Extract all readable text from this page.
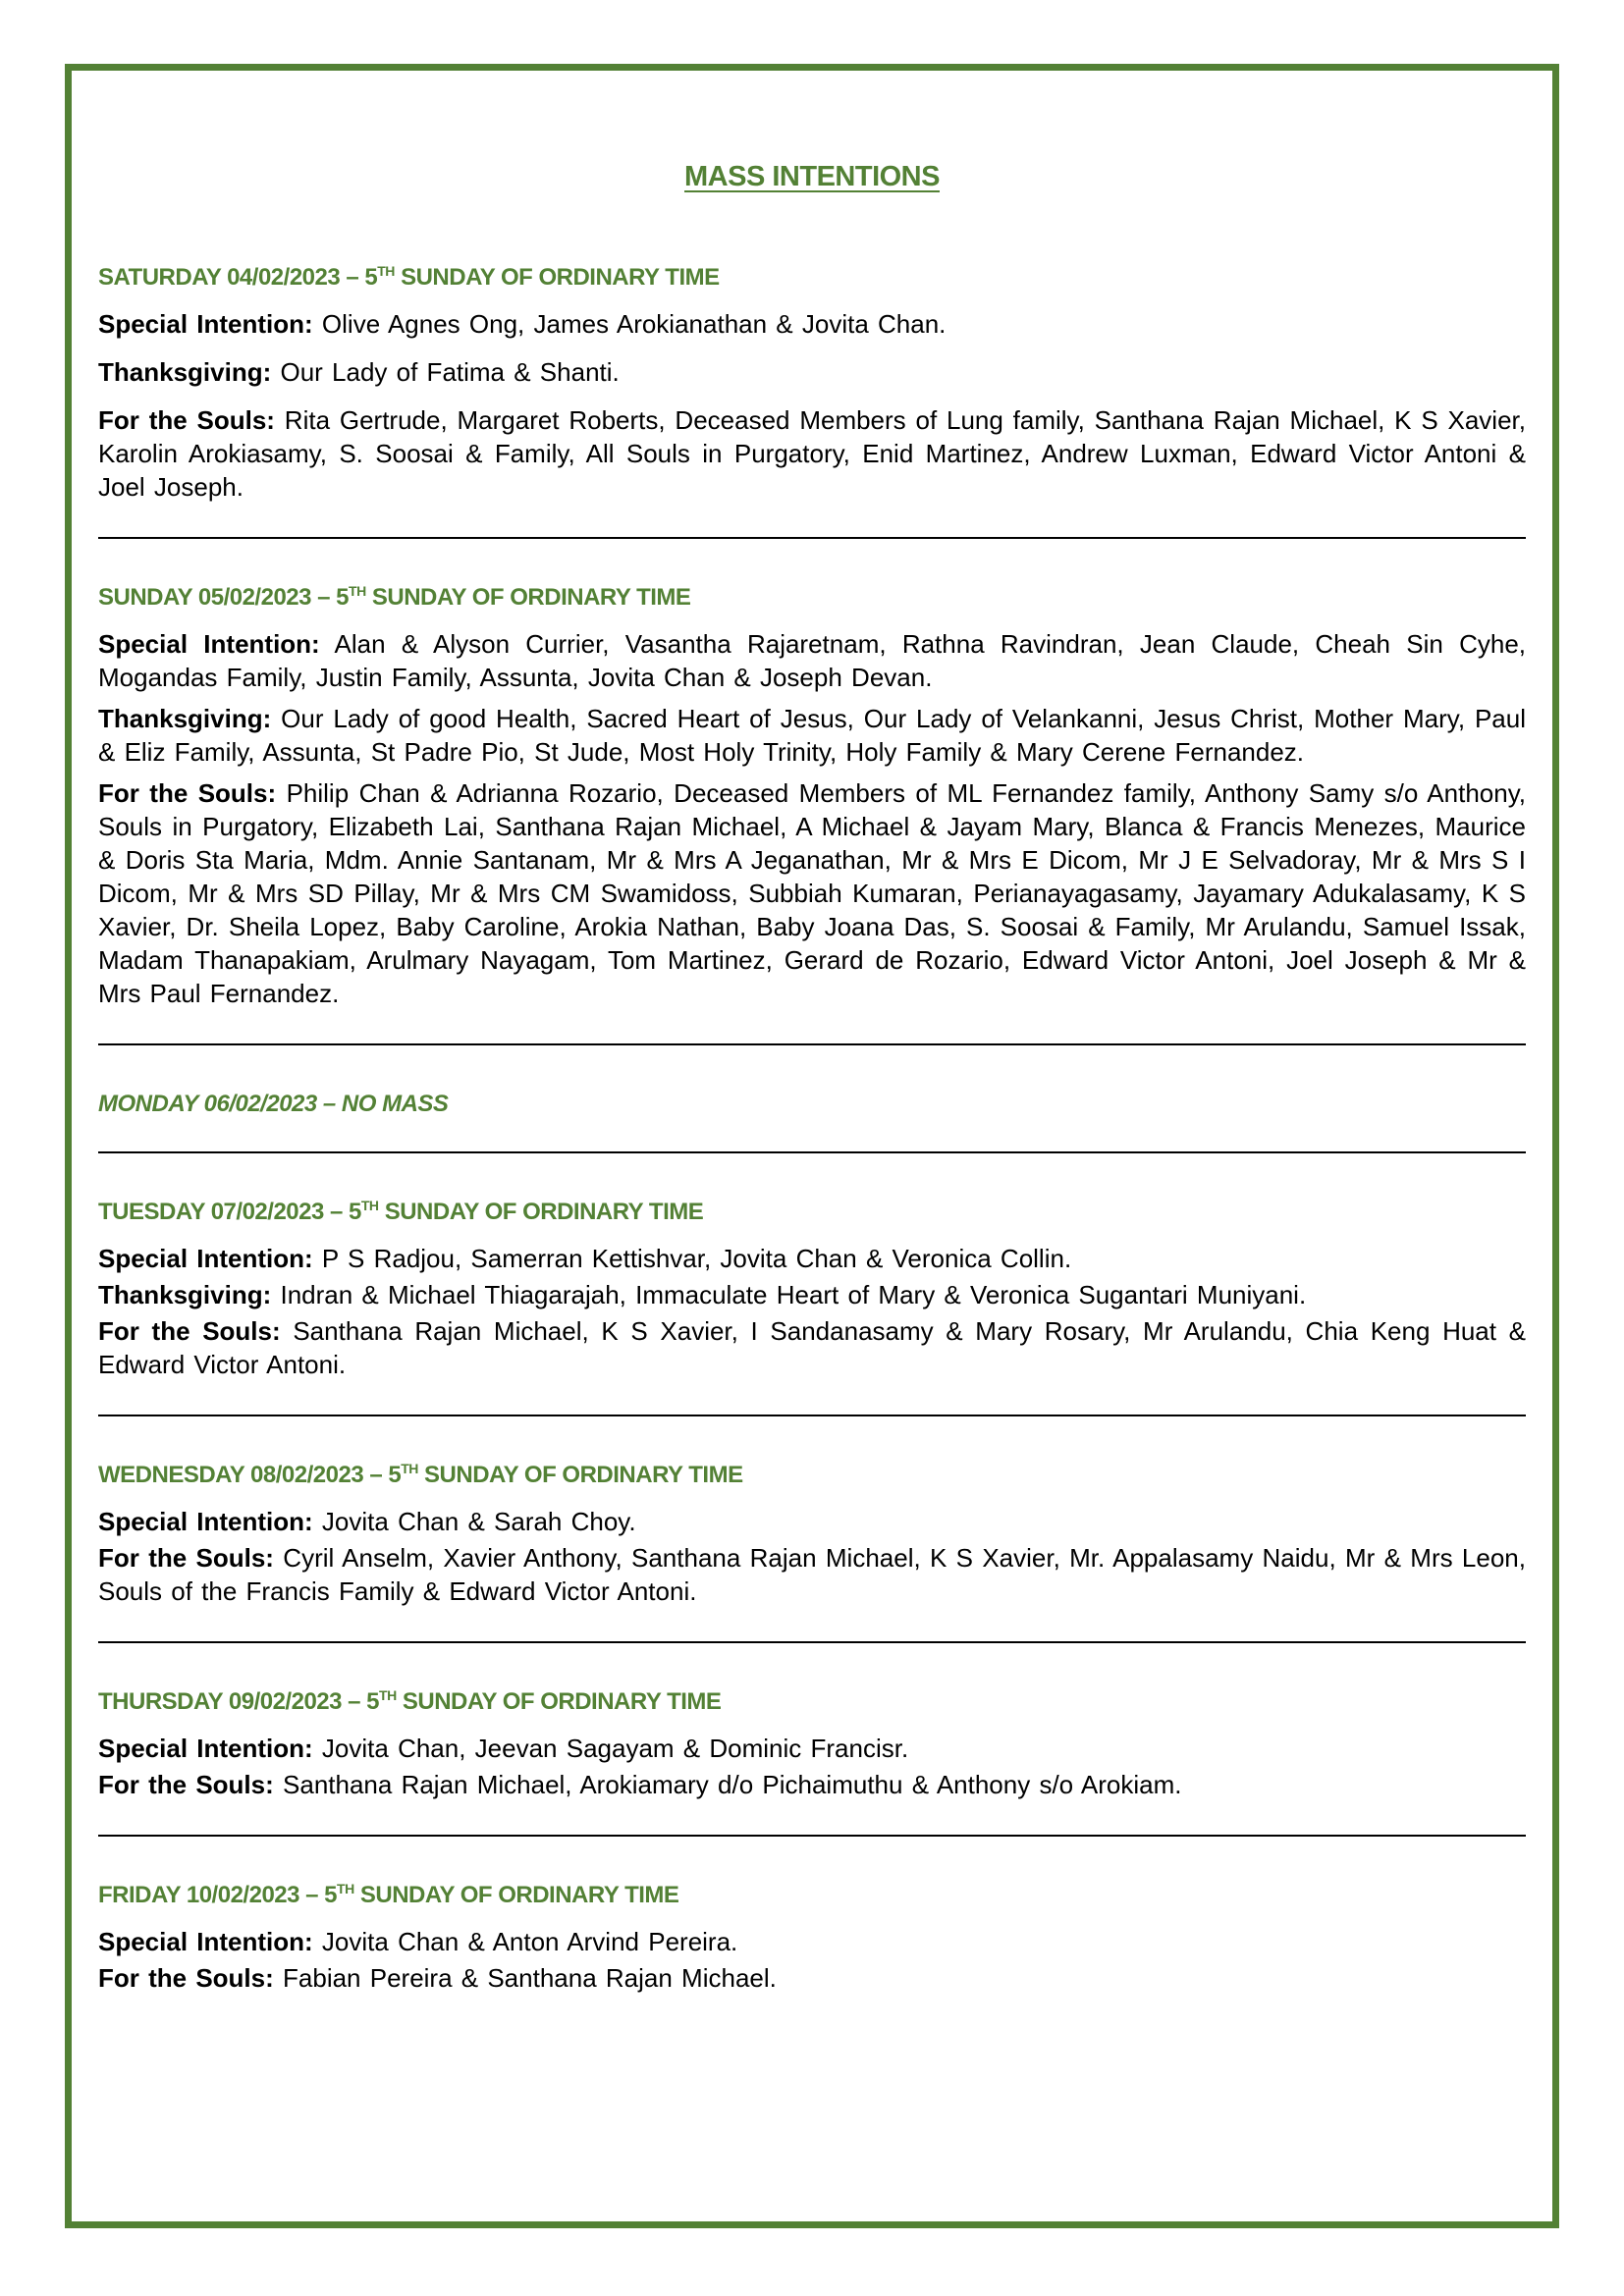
MASS INTENTIONS
SATURDAY 04/02/2023 – 5TH SUNDAY OF ORDINARY TIME

Special Intention: Olive Agnes Ong, James Arokianathan & Jovita Chan.

Thanksgiving: Our Lady of Fatima & Shanti.

For the Souls: Rita Gertrude, Margaret Roberts, Deceased Members of Lung family, Santhana Rajan Michael, K S Xavier, Karolin Arokiasamy, S. Soosai & Family, All Souls in Purgatory, Enid Martinez, Andrew Luxman, Edward Victor Antoni & Joel Joseph.

SUNDAY 05/02/2023 – 5TH SUNDAY OF ORDINARY TIME

Special Intention: Alan & Alyson Currier, Vasantha Rajaretnam, Rathna Ravindran, Jean Claude, Cheah Sin Cyhe, Mogandas Family, Justin Family, Assunta, Jovita Chan & Joseph Devan.

Thanksgiving: Our Lady of good Health, Sacred Heart of Jesus, Our Lady of Velankanni, Jesus Christ, Mother Mary, Paul & Eliz Family, Assunta, St Padre Pio, St Jude, Most Holy Trinity, Holy Family & Mary Cerene Fernandez.

For the Souls: Philip Chan & Adrianna Rozario, Deceased Members of ML Fernandez family, Anthony Samy s/o Anthony, Souls in Purgatory, Elizabeth Lai, Santhana Rajan Michael, A Michael & Jayam Mary, Blanca & Francis Menezes, Maurice & Doris Sta Maria, Mdm. Annie Santanam, Mr & Mrs A Jeganathan, Mr & Mrs E Dicom, Mr J E Selvadoray, Mr & Mrs S I Dicom, Mr & Mrs SD Pillay, Mr & Mrs CM Swamidoss, Subbiah Kumaran, Perianayagasamy, Jayamary Adukalasamy, K S Xavier, Dr. Sheila Lopez, Baby Caroline, Arokia Nathan, Baby Joana Das, S. Soosai & Family, Mr Arulandu, Samuel Issak, Madam Thanapakiam, Arulmary Nayagam, Tom Martinez, Gerard de Rozario, Edward Victor Antoni, Joel Joseph & Mr & Mrs Paul Fernandez.

MONDAY 06/02/2023 – NO MASS
TUESDAY 07/02/2023 – 5TH SUNDAY OF ORDINARY TIME

Special Intention: P S Radjou, Samerran Kettishvar, Jovita Chan & Veronica Collin.

Thanksgiving: Indran & Michael Thiagarajah, Immaculate Heart of Mary & Veronica Sugantari Muniyani.

For the Souls: Santhana Rajan Michael, K S Xavier, I Sandanasamy & Mary Rosary, Mr Arulandu, Chia Keng Huat & Edward Victor Antoni.

WEDNESDAY 08/02/2023 – 5TH SUNDAY OF ORDINARY TIME

Special Intention: Jovita Chan & Sarah Choy.

For the Souls: Cyril Anselm, Xavier Anthony, Santhana Rajan Michael, K S Xavier, Mr. Appalasamy Naidu, Mr & Mrs Leon, Souls of the Francis Family & Edward Victor Antoni.

THURSDAY 09/02/2023 – 5TH SUNDAY OF ORDINARY TIME

Special Intention: Jovita Chan, Jeevan Sagayam & Dominic Francisr.

For the Souls: Santhana Rajan Michael, Arokiamary d/o Pichaimuthu & Anthony s/o Arokiam.

FRIDAY 10/02/2023 – 5TH SUNDAY OF ORDINARY TIME

Special Intention: Jovita Chan & Anton Arvind Pereira.

For the Souls: Fabian Pereira & Santhana Rajan Michael.
